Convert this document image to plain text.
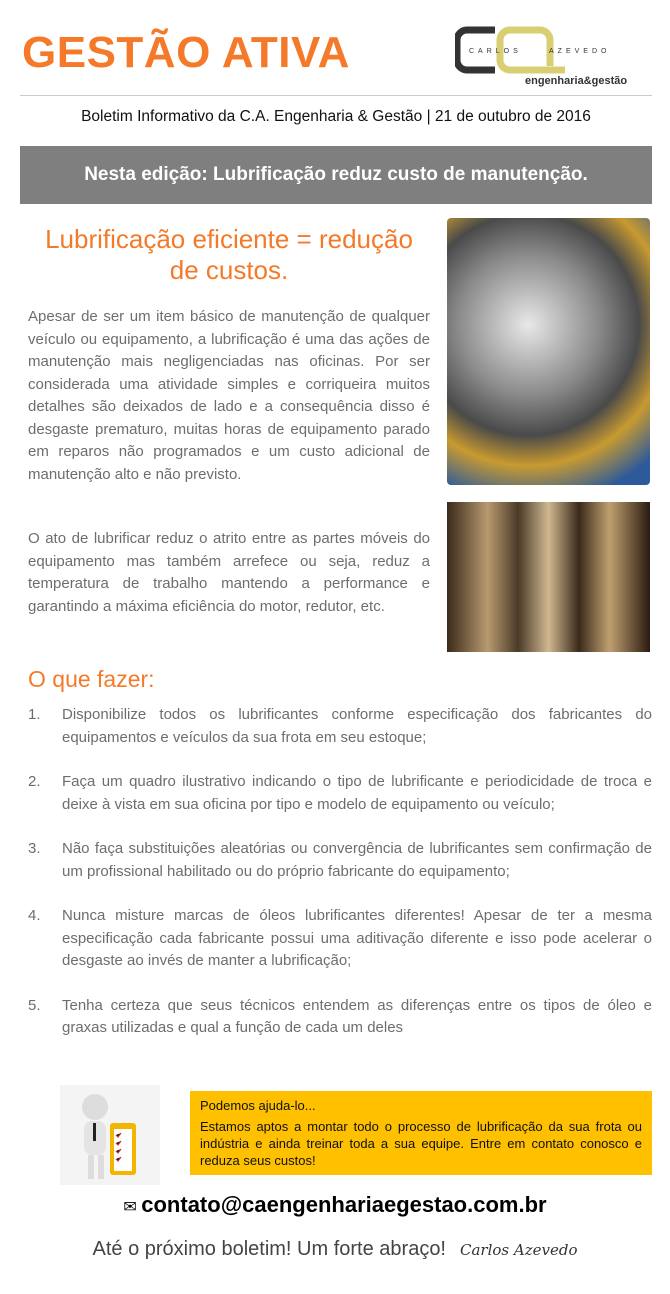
GESTÃO ATIVA	CARLOS	AZEVEDO
engenharia&gestão
Boletim Informativo da C.A. Engenharia & Gestão | 21 de outubro de 2016
Nesta edição: Lubrificação reduz custo de manutenção.
Lubrificação eficiente = redução de custos.
Apesar de ser um item básico de manutenção de qualquer veículo ou equipamento, a lubrificação é uma das ações de manutenção mais negligenciadas nas oficinas. Por ser considerada uma atividade simples e corriqueira muitos detalhes são deixados de lado e a consequência disso é desgaste prematuro, muitas horas de equipamento parado em reparos não programados e um custo adicional de manutenção alto e não previsto.
O ato de lubrificar reduz o atrito entre as partes móveis do equipamento mas também arrefece ou seja, reduz a temperatura de trabalho mantendo a performance e garantindo a máxima eficiência do motor, redutor, etc.
O que fazer:
1.	Disponibilize todos os lubrificantes conforme especificação dos fabricantes do equipamentos e veículos da sua frota em seu estoque;
2.	Faça um quadro ilustrativo indicando o tipo de lubrificante e periodicidade de troca e deixe à vista em sua oficina por tipo e modelo de equipamento ou veículo;
3.	Não faça substituições aleatórias ou convergência de lubrificantes sem confirmação de um profissional habilitado ou do próprio fabricante do equipamento;
4.	Nunca misture marcas de óleos lubrificantes diferentes! Apesar de ter a mesma especificação cada fabricante possui uma aditivação diferente e isso pode acelerar o desgaste ao invés de manter a lubrificação;
5.	Tenha certeza que seus técnicos entendem as diferenças entre os tipos de óleo e graxas utilizadas e qual a função de cada um deles
Podemos ajuda-lo...
Estamos aptos a montar todo o processo de lubrificação da sua frota ou indústria e ainda treinar toda a sua equipe. Entre em contato conosco e reduza seus custos!
✉ contato@caengenhariaegestao.com.br
Até o próximo boletim! Um forte abraço! Carlos Azevedo
